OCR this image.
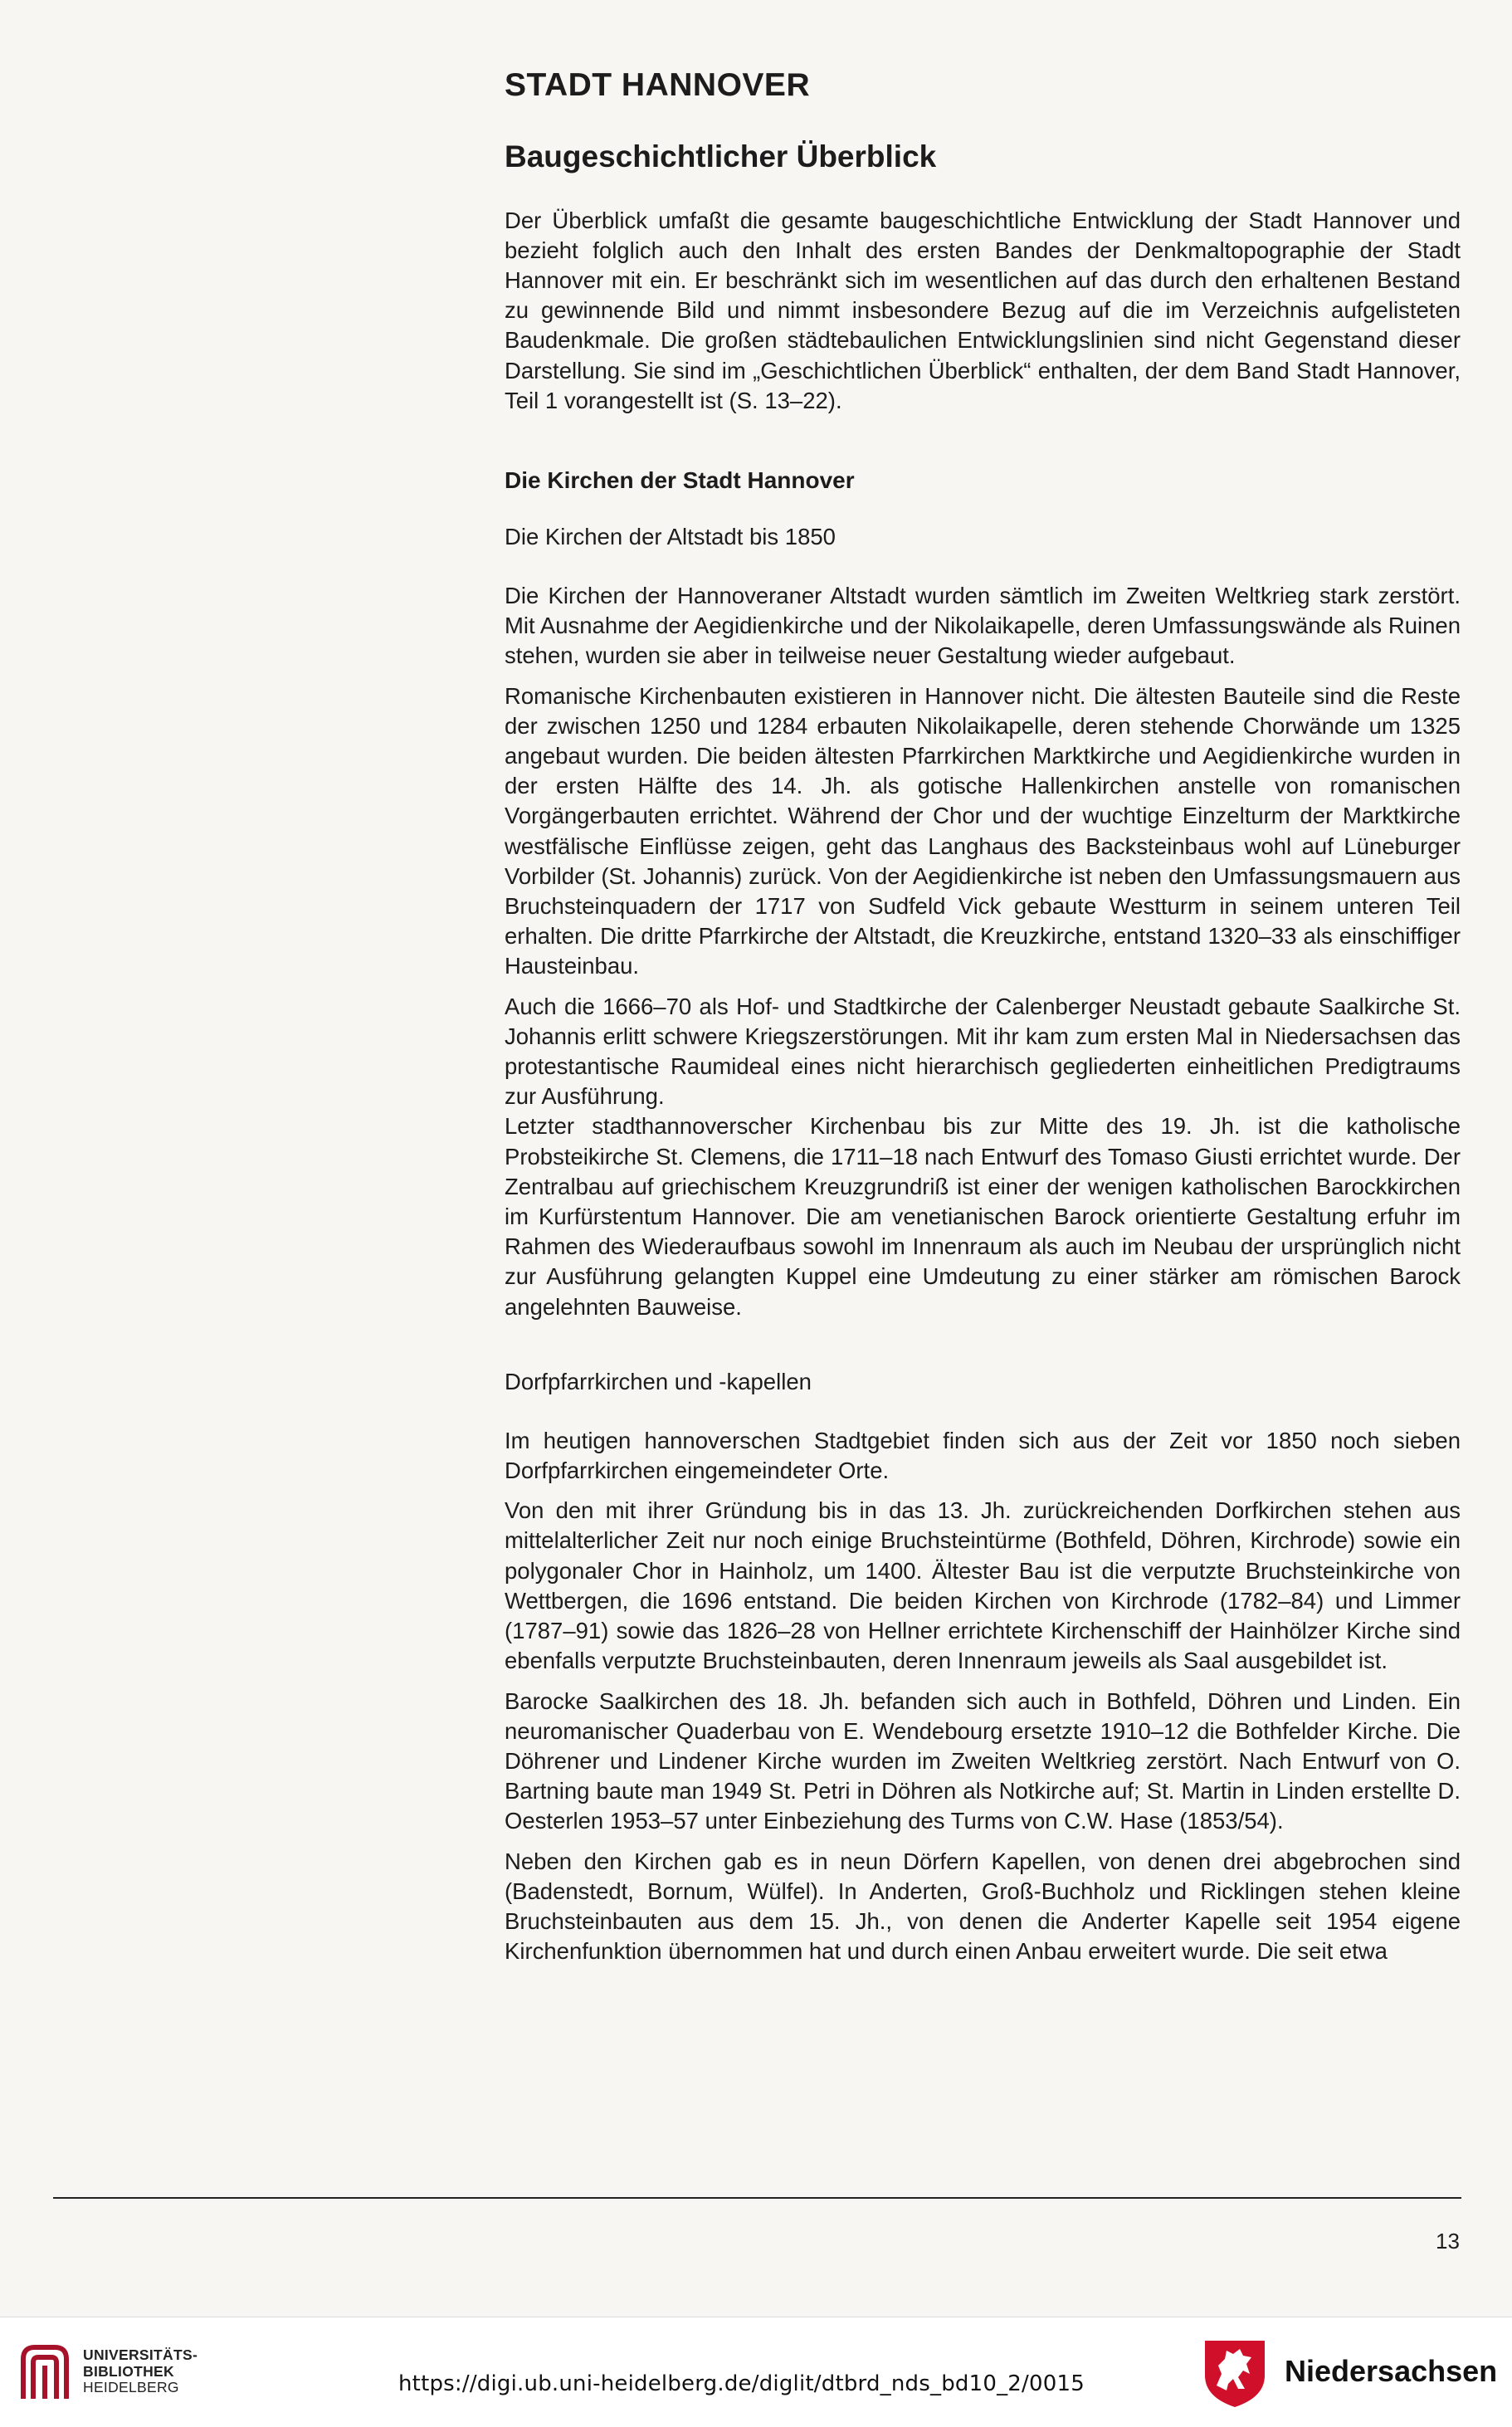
STADT HANNOVER
Baugeschichtlicher Überblick

Der Überblick umfaßt die gesamte baugeschichtliche Entwicklung der Stadt Hannover und bezieht folglich auch den Inhalt des ersten Bandes der Denkmaltopographie der Stadt Hannover mit ein. Er beschränkt sich im wesentlichen auf das durch den erhaltenen Bestand zu gewinnende Bild und nimmt insbesondere Bezug auf die im Verzeichnis aufgelisteten Baudenkmale. Die großen städtebaulichen Entwicklungslinien sind nicht Gegenstand dieser Darstellung. Sie sind im „Geschichtlichen Überblick“ enthalten, der dem Band Stadt Hannover, Teil 1 vorangestellt ist (S. 13–22).

Die Kirchen der Stadt Hannover
Die Kirchen der Altstadt bis 1850

Die Kirchen der Hannoveraner Altstadt wurden sämtlich im Zweiten Weltkrieg stark zerstört. Mit Ausnahme der Aegidienkirche und der Nikolaikapelle, deren Umfassungswände als Ruinen stehen, wurden sie aber in teilweise neuer Gestaltung wieder aufgebaut.

Romanische Kirchenbauten existieren in Hannover nicht. Die ältesten Bauteile sind die Reste der zwischen 1250 und 1284 erbauten Nikolaikapelle, deren stehende Chorwände um 1325 angebaut wurden. Die beiden ältesten Pfarrkirchen Marktkirche und Aegidienkirche wurden in der ersten Hälfte des 14. Jh. als gotische Hallenkirchen anstelle von romanischen Vorgängerbauten errichtet. Während der Chor und der wuchtige Einzelturm der Marktkirche westfälische Einflüsse zeigen, geht das Langhaus des Backsteinbaus wohl auf Lüneburger Vorbilder (St. Johannis) zurück. Von der Aegidienkirche ist neben den Umfassungsmauern aus Bruchsteinquadern der 1717 von Sudfeld Vick gebaute Westturm in seinem unteren Teil erhalten. Die dritte Pfarrkirche der Altstadt, die Kreuzkirche, entstand 1320–33 als einschiffiger Hausteinbau.

Auch die 1666–70 als Hof- und Stadtkirche der Calenberger Neustadt gebaute Saalkirche St. Johannis erlitt schwere Kriegszerstörungen. Mit ihr kam zum ersten Mal in Niedersachsen das protestantische Raumideal eines nicht hierarchisch gegliederten einheitlichen Predigtraums zur Ausführung.

Letzter stadthannoverscher Kirchenbau bis zur Mitte des 19. Jh. ist die katholische Probsteikirche St. Clemens, die 1711–18 nach Entwurf des Tomaso Giusti errichtet wurde. Der Zentralbau auf griechischem Kreuzgrundriß ist einer der wenigen katholischen Barockkirchen im Kurfürstentum Hannover. Die am venetianischen Barock orientierte Gestaltung erfuhr im Rahmen des Wiederaufbaus sowohl im Innenraum als auch im Neubau der ursprünglich nicht zur Ausführung gelangten Kuppel eine Umdeutung zu einer stärker am römischen Barock angelehnten Bauweise.

Dorfpfarrkirchen und -kapellen

Im heutigen hannoverschen Stadtgebiet finden sich aus der Zeit vor 1850 noch sieben Dorfpfarrkirchen eingemeindeter Orte.

Von den mit ihrer Gründung bis in das 13. Jh. zurückreichenden Dorfkirchen stehen aus mittelalterlicher Zeit nur noch einige Bruchsteintürme (Bothfeld, Döhren, Kirchrode) sowie ein polygonaler Chor in Hainholz, um 1400. Ältester Bau ist die verputzte Bruchsteinkirche von Wettbergen, die 1696 entstand. Die beiden Kirchen von Kirchrode (1782–84) und Limmer (1787–91) sowie das 1826–28 von Hellner errichtete Kirchenschiff der Hainhölzer Kirche sind ebenfalls verputzte Bruchsteinbauten, deren Innenraum jeweils als Saal ausgebildet ist.

Barocke Saalkirchen des 18. Jh. befanden sich auch in Bothfeld, Döhren und Linden. Ein neuromanischer Quaderbau von E. Wendebourg ersetzte 1910–12 die Bothfelder Kirche. Die Döhrener und Lindener Kirche wurden im Zweiten Weltkrieg zerstört. Nach Entwurf von O. Bartning baute man 1949 St. Petri in Döhren als Notkirche auf; St. Martin in Linden erstellte D. Oesterlen 1953–57 unter Einbeziehung des Turms von C.W. Hase (1853/54).

Neben den Kirchen gab es in neun Dörfern Kapellen, von denen drei abgebrochen sind (Badenstedt, Bornum, Wülfel). In Anderten, Groß-Buchholz und Ricklingen stehen kleine Bruchsteinbauten aus dem 15. Jh., von denen die Anderter Kapelle seit 1954 eigene Kirchenfunktion übernommen hat und durch einen Anbau erweitert wurde. Die seit etwa

13
UNIVERSITÄTS-
BIBLIOTHEK
HEIDELBERG	https://digi.ub.uni-heidelberg.de/diglit/dtbrd_nds_bd10_2/0015	Niedersachsen
